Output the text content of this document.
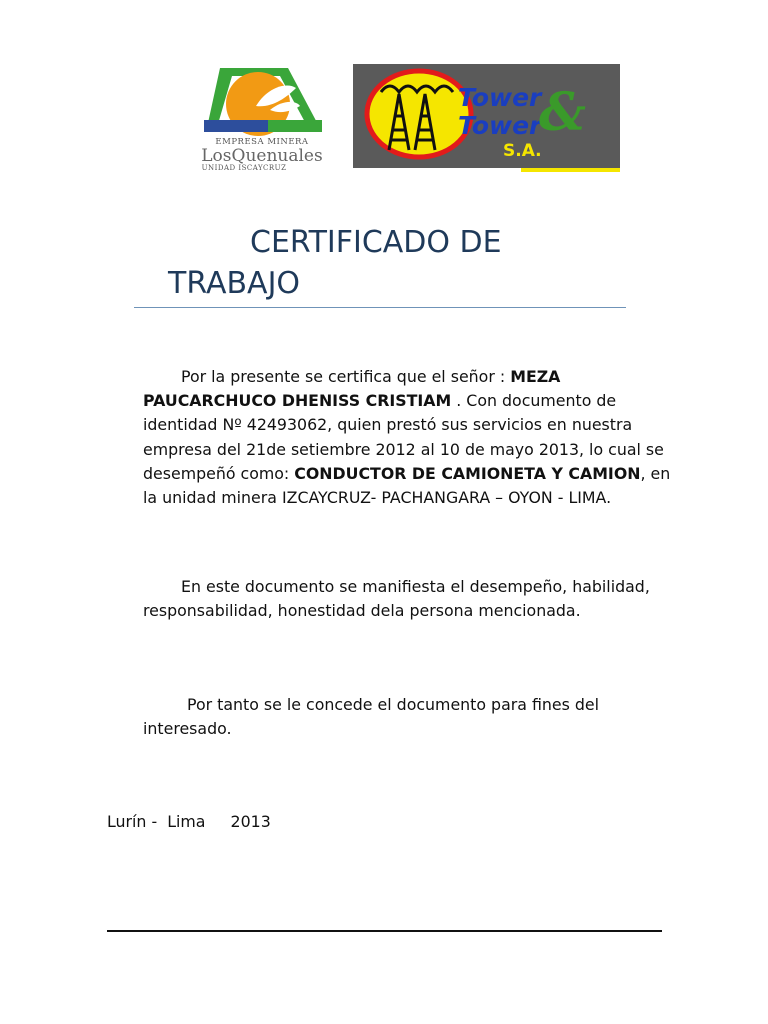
EMPRESA MINERA
LosQuenuales
UNIDAD ISCAYCRUZ
Tower
Tower
&
S.A.
CERTIFICADO DE
TRABAJO

Por la presente se certifica que el señor : MEZA PAUCARCHUCO DHENISS CRISTIAM . Con documento de identidad Nº 42493062, quien prestó sus servicios en nuestra empresa del 21de setiembre 2012 al 10 de mayo 2013, lo cual se desempeñó como: CONDUCTOR DE CAMIONETA Y CAMION, en la unidad minera IZCAYCRUZ- PACHANGARA – OYON - LIMA.

En este documento se manifiesta el desempeño, habilidad, responsabilidad, honestidad dela persona mencionada.

Por tanto se le concede el documento para fines del interesado.

Lurín -  Lima     2013
